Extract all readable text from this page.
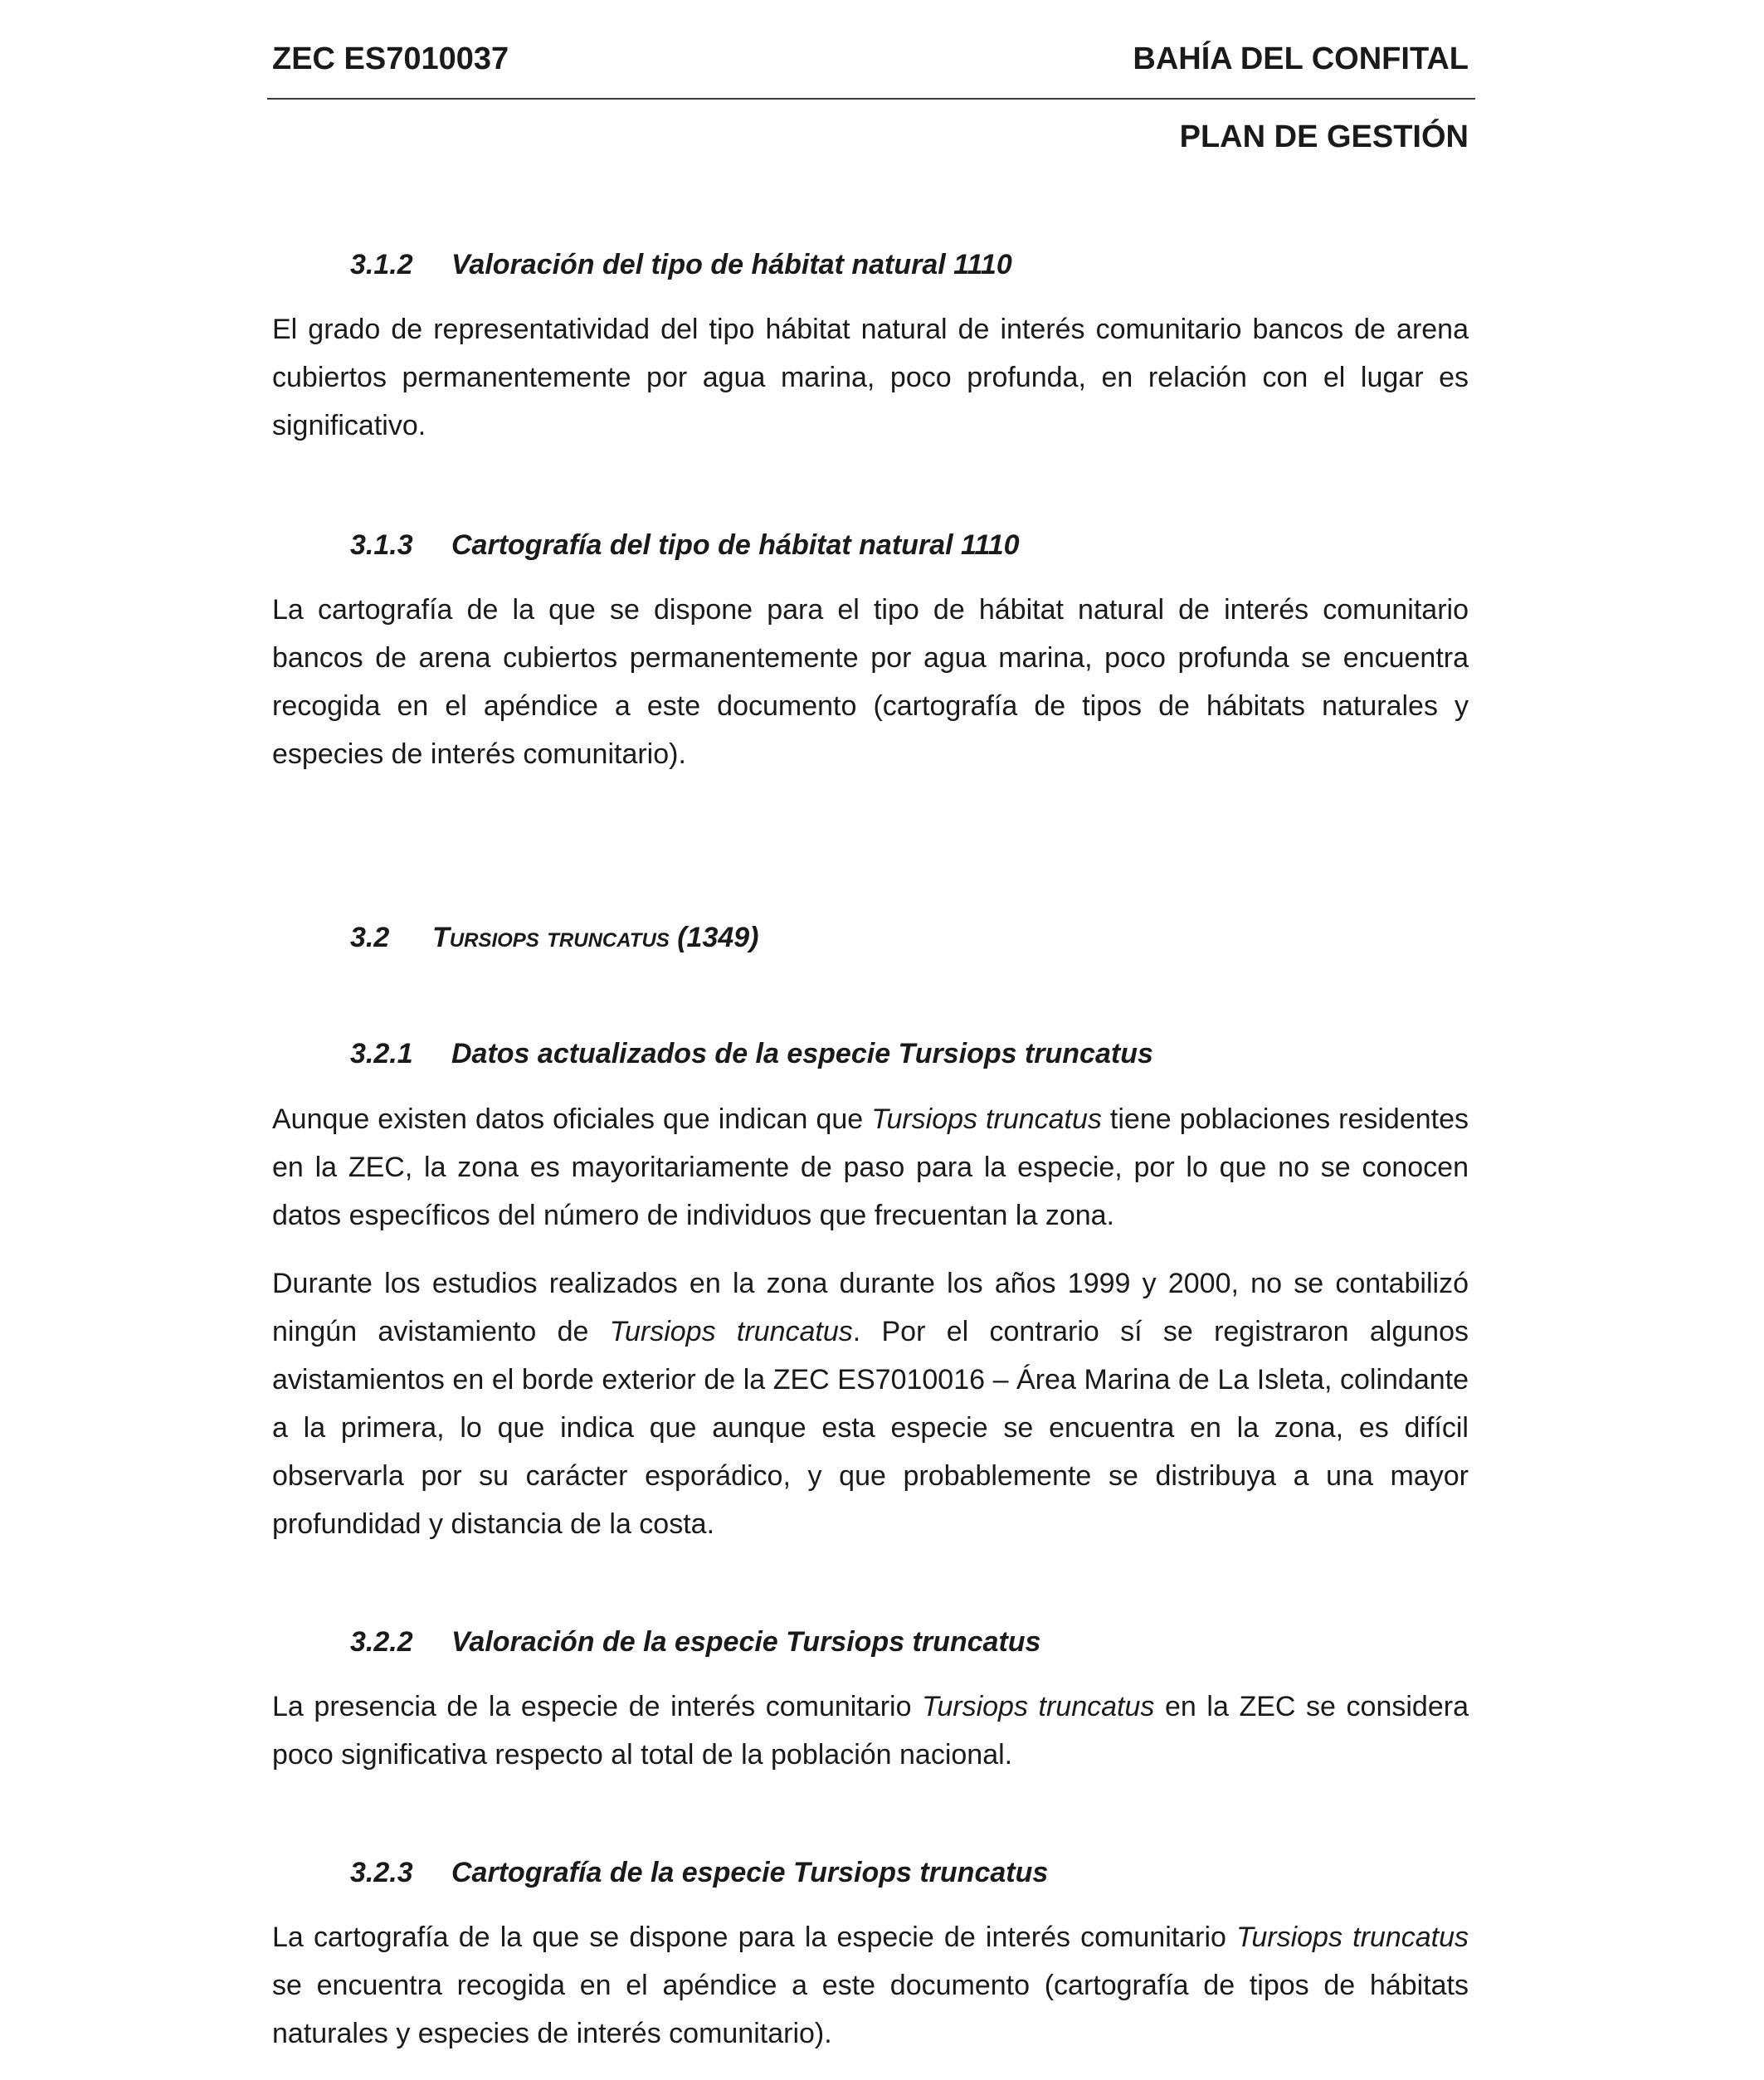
ZEC ES7010037	BAHÍA DEL CONFITAL
PLAN DE GESTIÓN
3.1.2 Valoración del tipo de hábitat natural 1110

El grado de representatividad del tipo hábitat natural de interés comunitario bancos de arena cubiertos permanentemente por agua marina, poco profunda, en relación con el lugar es significativo.

3.1.3 Cartografía del tipo de hábitat natural 1110

La cartografía de la que se dispone para el tipo de hábitat natural de interés comunitario bancos de arena cubiertos permanentemente por agua marina, poco profunda se encuentra recogida en el apéndice a este documento (cartografía de tipos de hábitats naturales y especies de interés comunitario).

3.2 Tursiops truncatus (1349)
3.2.1 Datos actualizados de la especie Tursiops truncatus

Aunque existen datos oficiales que indican que Tursiops truncatus tiene poblaciones residentes en la ZEC, la zona es mayoritariamente de paso para la especie, por lo que no se conocen datos específicos del número de individuos que frecuentan la zona.

Durante los estudios realizados en la zona durante los años 1999 y 2000, no se contabilizó ningún avistamiento de Tursiops truncatus. Por el contrario sí se registraron algunos avistamientos en el borde exterior de la ZEC ES7010016 – Área Marina de La Isleta, colindante a la primera, lo que indica que aunque esta especie se encuentra en la zona, es difícil observarla por su carácter esporádico, y que probablemente se distribuya a una mayor profundidad y distancia de la costa.

3.2.2 Valoración de la especie Tursiops truncatus

La presencia de la especie de interés comunitario Tursiops truncatus en la ZEC se considera poco significativa respecto al total de la población nacional.

3.2.3 Cartografía de la especie Tursiops truncatus

La cartografía de la que se dispone para la especie de interés comunitario Tursiops truncatus se encuentra recogida en el apéndice a este documento (cartografía de tipos de hábitats naturales y especies de interés comunitario).
